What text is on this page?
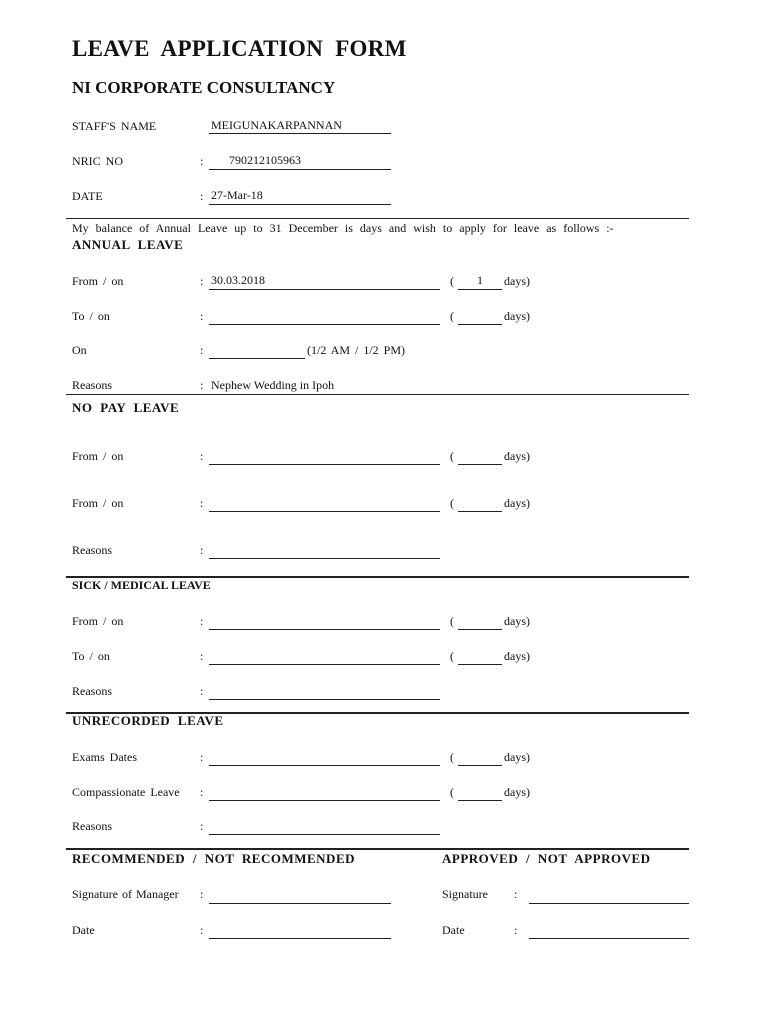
LEAVE APPLICATION FORM
NI CORPORATE CONSULTANCY
STAFF'S NAME	MEIGUNAKARPANNAN
NRIC NO	: 790212105963
DATE	: 27-Mar-18
My balance of Annual Leave up to 31 December is days and wish to apply for leave as follows :-
ANNUAL LEAVE
From / on	: 30.03.2018	(	1	days)
To / on	:	(	days)
On	:	(1/2 AM / 1/2 PM)
Reasons	: Nephew Wedding in Ipoh
NO PAY LEAVE
From / on	:	(	days)
From / on	:	(	days)
Reasons	:
SICK / MEDICAL LEAVE
From / on	:	(	days)
To / on	:	(	days)
Reasons	:
UNRECORDED LEAVE
Exams Dates	:	(	days)
Compassionate Leave :	(	days)
Reasons	:
RECOMMENDED / NOT RECOMMENDED	APPROVED / NOT APPROVED
Signature of Manager :	Signature :
Date	:	Date	:
